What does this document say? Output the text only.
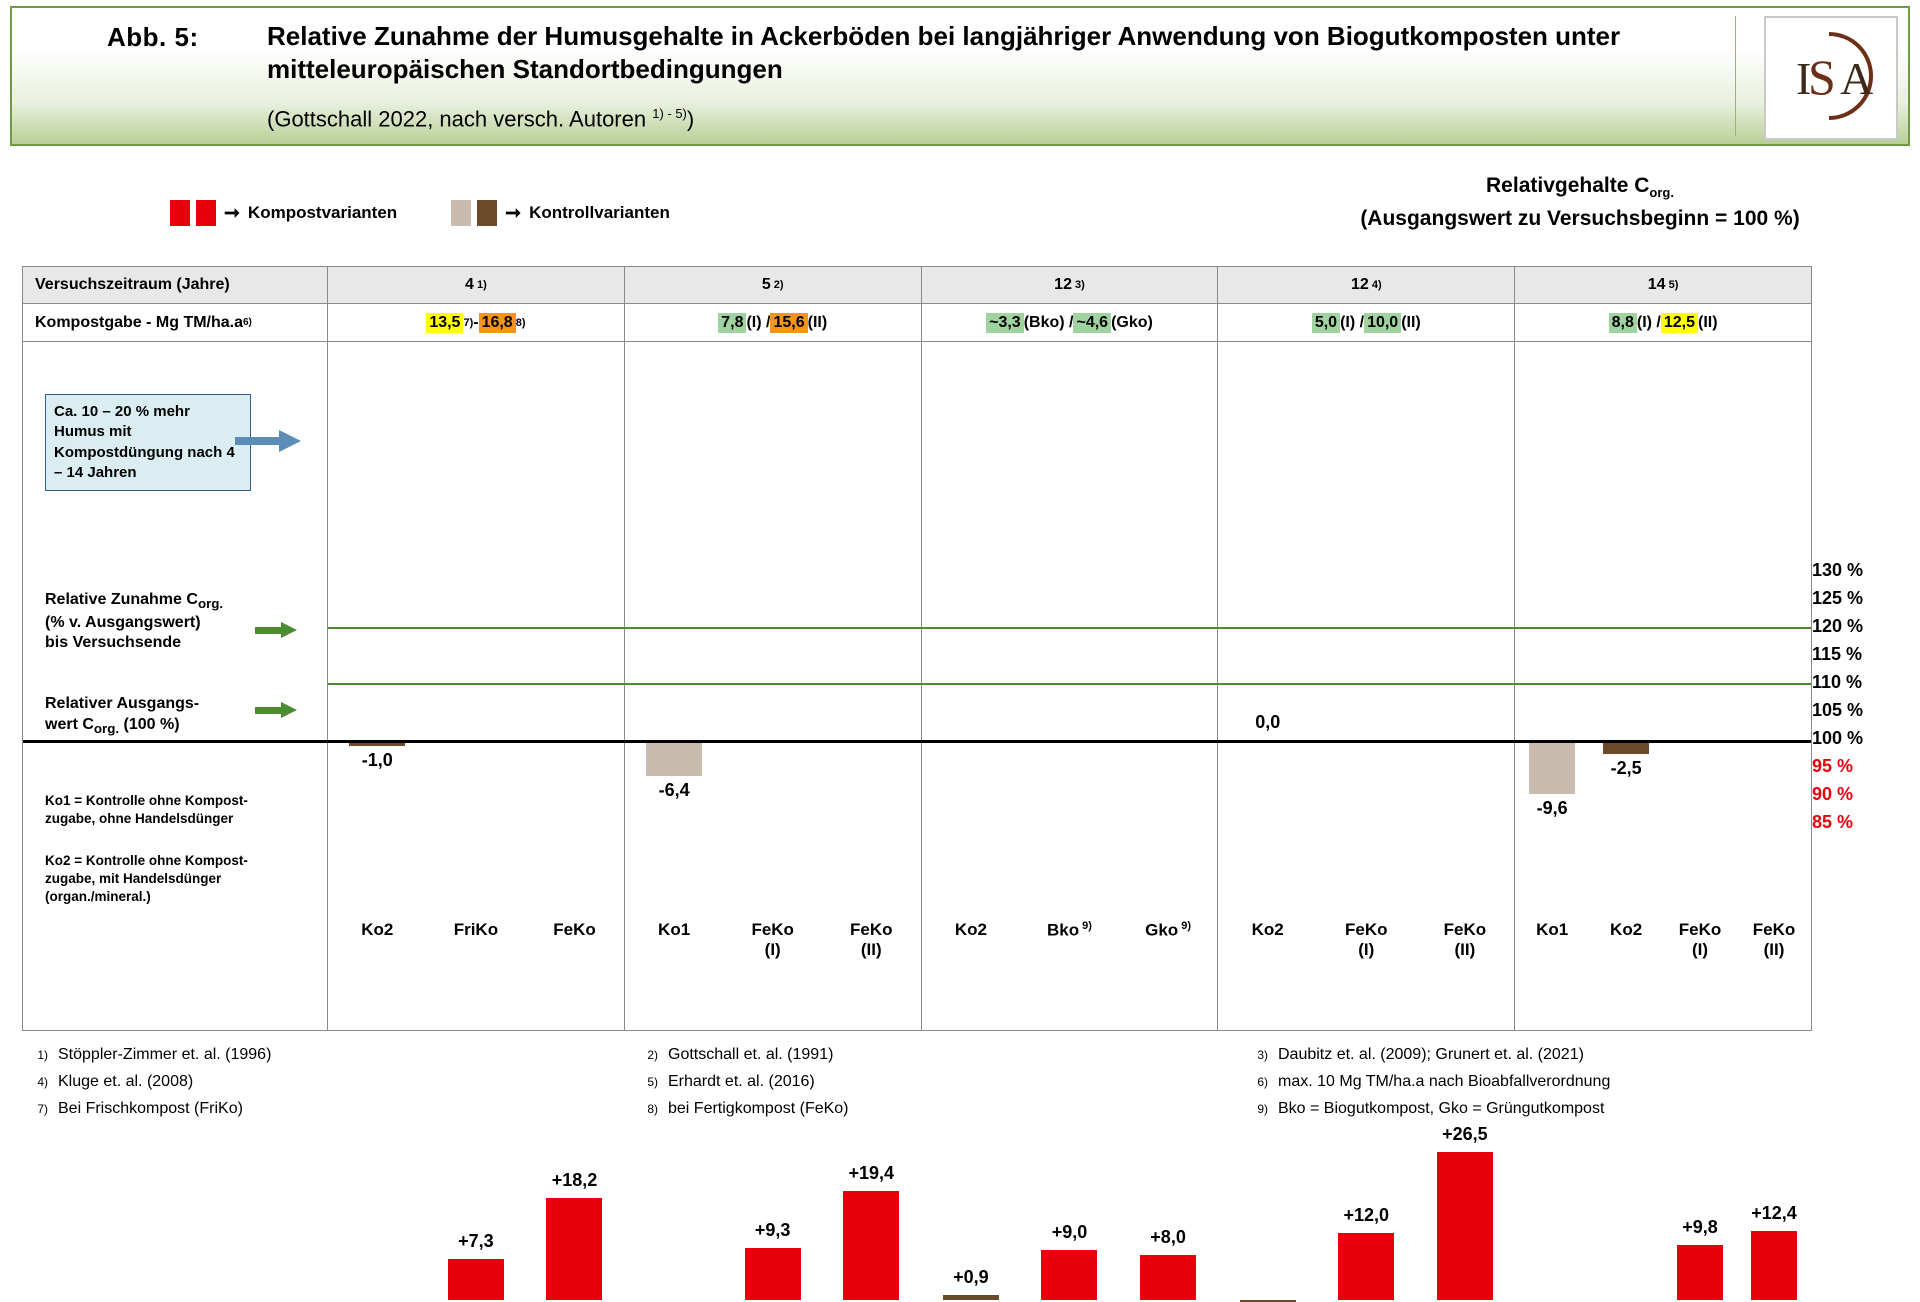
Abb. 5:	Relative Zunahme der Humusgehalte in Ackerböden bei langjähriger Anwendung von Biogutkomposten unter mitteleuropäischen Standortbedingungen
(Gottschall 2022, nach versch. Autoren $^{1) - 5)}$)
I
S A
Relativgehalte $C_{org.}$
(Ausgangswert zu Versuchsbeginn = 100 %)
➞ Kompostvarianten	➞ Kontrollvarianten
130 %
125 %
120 %
115 %
110 %
105 %
100 %
95 %
90 %
85 %
Versuchszeitraum (Jahre)	4 1)	5 2)	12 3)	12 4)	14 5)
Kompostgabe - Mg TM/ha.a 6)	13,5 7) - 16,8 8)	7,8 (I) / 15,6 (II)	~3,3 (Bko) / ~4,6 (Gko)	5,0 (I) / 10,0 (II)	8,8 (I) / 12,5 (II)
Ca. 10 – 20 % mehr Humus mit Kompostdüngung nach 4 – 14 Jahren
Relative Zunahme $C_{org.}$
(% v. Ausgangswert)
bis Versuchsende
Relativer Ausgangs-
wert $C_{org.}$ (100 %)
Ko1 = Kontrolle ohne Kompost-zugabe, ohne Handelsdünger
Ko2 = Kontrolle ohne Kompost-zugabe, mit Handelsdünger (organ./mineral.)
-1,0
Ko2
+7,3
FriKo
+18,2
FeKo
-6,4
Ko1
+9,3
FeKo
(I)
+19,4
FeKo
(II)
+0,9
Ko2
+9,0
Bko $^{9)}$
+8,0
Gko $^{9)}$
0,0
Ko2
+12,0
FeKo
(I)
+26,5
FeKo
(II)
-9,6
Ko1
-2,5
Ko2
+9,8
FeKo
(I)
+12,4
FeKo
(II)
1) Stöppler-Zimmer et. al. (1996)	2) Gottschall et. al. (1991)	3) Daubitz et. al. (2009); Grunert et. al. (2021)
4) Kluge et. al. (2008)	5) Erhardt et. al. (2016)	6) max. 10 Mg TM/ha.a nach Bioabfallverordnung
7) Bei Frischkompost (FriKo)	8) bei Fertigkompost (FeKo)	9) Bko = Biogutkompost, Gko = Grüngutkompost
